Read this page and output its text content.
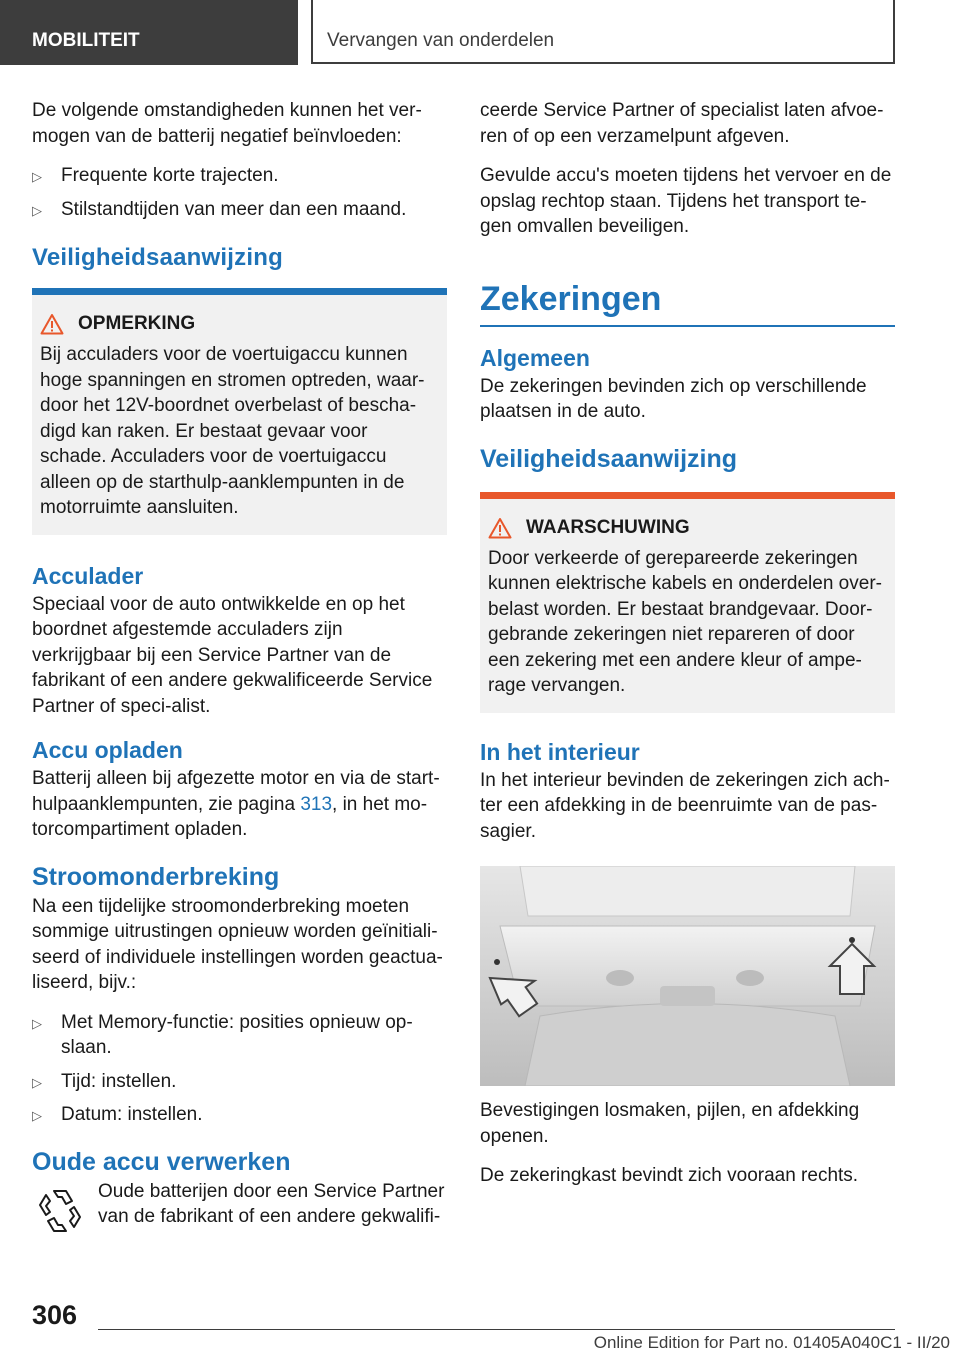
MOBILITEIT	Vervangen van onderdelen

De volgende omstandigheden kunnen het ver-mogen van de batterij negatief beïnvloeden:

▷ Frequente korte trajecten.
▷ Stilstandtijden van meer dan een maand.
Veiligheidsaanwijzing
OPMERKING

Bij acculaders voor de voertuigaccu kunnen hoge spanningen en stromen optreden, waar-door het 12V-boordnet overbelast of bescha-digd kan raken. Er bestaat gevaar voor schade. Acculaders voor de voertuigaccu alleen op de starthulp-aanklempunten in de motorruimte aansluiten.

Acculader

Speciaal voor de auto ontwikkelde en op het boordnet afgestemde acculaders zijn verkrijgbaar bij een Service Partner van de fabrikant of een andere gekwalificeerde Service Partner of speci-alist.

Accu opladen

Batterij alleen bij afgezette motor en via de start-hulpaanklempunten, zie pagina 313, in het mo-torcompartiment opladen.

Stroomonderbreking

Na een tijdelijke stroomonderbreking moeten sommige uitrustingen opnieuw worden geïnitiali-seerd of individuele instellingen worden geactua-liseerd, bijv.:

▷ Met Memory-functie: posities opnieuw op-slaan.
▷ Tijd: instellen.
▷ Datum: instellen.
Oude accu verwerken

Oude batterijen door een Service Partner van de fabrikant of een andere gekwalifi-

ceerde Service Partner of specialist laten afvoe-ren of op een verzamelpunt afgeven.

Gevulde accu's moeten tijdens het vervoer en de opslag rechtop staan. Tijdens het transport te-gen omvallen beveiligen.

Zekeringen
Algemeen

De zekeringen bevinden zich op verschillende plaatsen in de auto.

Veiligheidsaanwijzing
WAARSCHUWING

Door verkeerde of gerepareerde zekeringen kunnen elektrische kabels en onderdelen over-belast worden. Er bestaat brandgevaar. Door-gebrande zekeringen niet repareren of door een zekering met een andere kleur of ampe-rage vervangen.

In het interieur

In het interieur bevinden de zekeringen zich ach-ter een afdekking in de beenruimte van de pas-sagier.

Bevestigingen losmaken, pijlen, en afdekking openen.

De zekeringkast bevindt zich vooraan rechts.

306
Online Edition for Part no. 01405A040C1 - II/20
